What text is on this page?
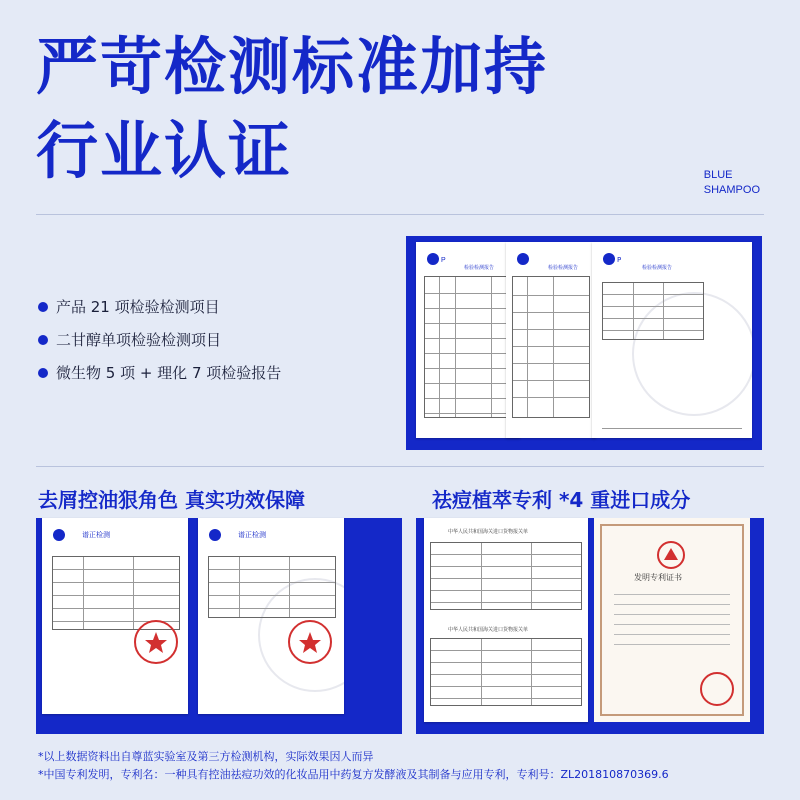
严苛检测标准加持
行业认证	BLUE
SHAMPOO
产品 21 项检验检测项目
二甘醇单项检验检测项目
微生物 5 项 + 理化 7 项检验报告
P
检验检测报告	检验检测报告
P
检验检测报告
去屑控油狠角色 真实功效保障	祛痘植萃专利 *4 重进口成分
谱正检测	谱正检测	中华人民共和国海关进口货物报关单
中华人民共和国海关进口货物报关单
发明专利证书
*以上数据资料出自尊蓝实验室及第三方检测机构，实际效果因人而异
*中国专利发明，专利名：一种具有控油祛痘功效的化妆品用中药复方发酵液及其制备与应用专利，专利号：ZL201810870369.6
